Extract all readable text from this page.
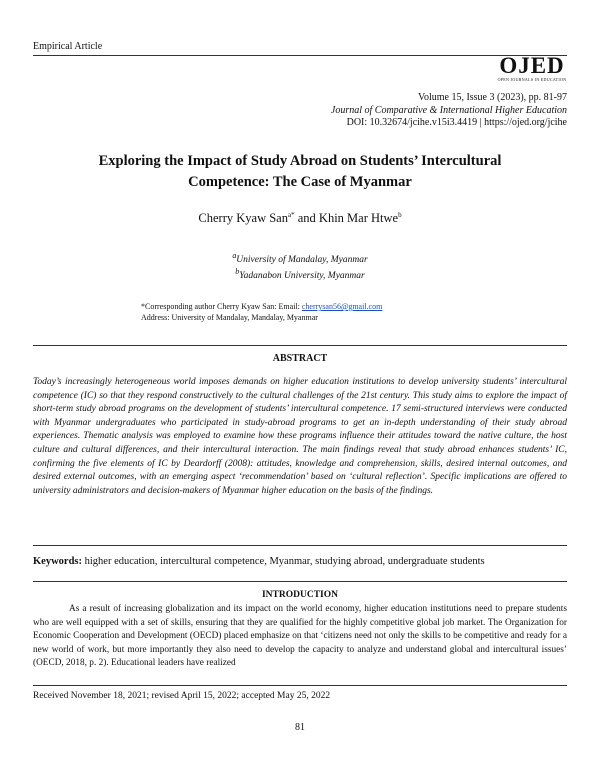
Empirical Article
OJED
OPEN JOURNALS IN EDUCATION
Volume 15, Issue 3 (2023), pp. 81-97
Journal of Comparative & International Higher Education
DOI: 10.32674/jcihe.v15i3.4419 | https://ojed.org/jcihe
Exploring the Impact of Study Abroad on Students’ Intercultural Competence: The Case of Myanmar
Cherry Kyaw San$^{a*}$ and Khin Mar Htwe$^b$
$^a$University of Mandalay, Myanmar
$^b$Yadanabon University, Myanmar
*Corresponding author Cherry Kyaw San: Email: cherrysan56@gmail.com
Address: University of Mandalay, Mandalay, Myanmar
ABSTRACT
Today’s increasingly heterogeneous world imposes demands on higher education institutions to develop university students’ intercultural competence (IC) so that they respond constructively to the cultural challenges of the 21st century. This study aims to explore the impact of short-term study abroad programs on the development of students’ intercultural competence. 17 semi-structured interviews were conducted with Myanmar undergraduates who participated in study-abroad programs to get an in-depth understanding of their study abroad experiences. Thematic analysis was employed to examine how these programs influence their attitudes toward the native culture, the host culture and cultural differences, and their intercultural interaction. The main findings reveal that study abroad enhances students’ IC, confirming the five elements of IC by Deardorff (2008): attitudes, knowledge and comprehension, skills, desired internal outcomes, and desired external outcomes, with an emerging aspect ‘recommendation’ based on ‘cultural reflection’. Specific implications are offered to university administrators and decision-makers of Myanmar higher education on the basis of the findings.
Keywords: higher education, intercultural competence, Myanmar, studying abroad, undergraduate students
INTRODUCTION
As a result of increasing globalization and its impact on the world economy, higher education institutions need to prepare students who are well equipped with a set of skills, ensuring that they are qualified for the highly competitive global job market. The Organization for Economic Cooperation and Development (OECD) placed emphasize on that ‘citizens need not only the skills to be competitive and ready for a new world of work, but more importantly they also need to develop the capacity to analyze and understand global and intercultural issues’ (OECD, 2018, p. 2). Educational leaders have realized
Received November 18, 2021; revised April 15, 2022; accepted May 25, 2022
81
